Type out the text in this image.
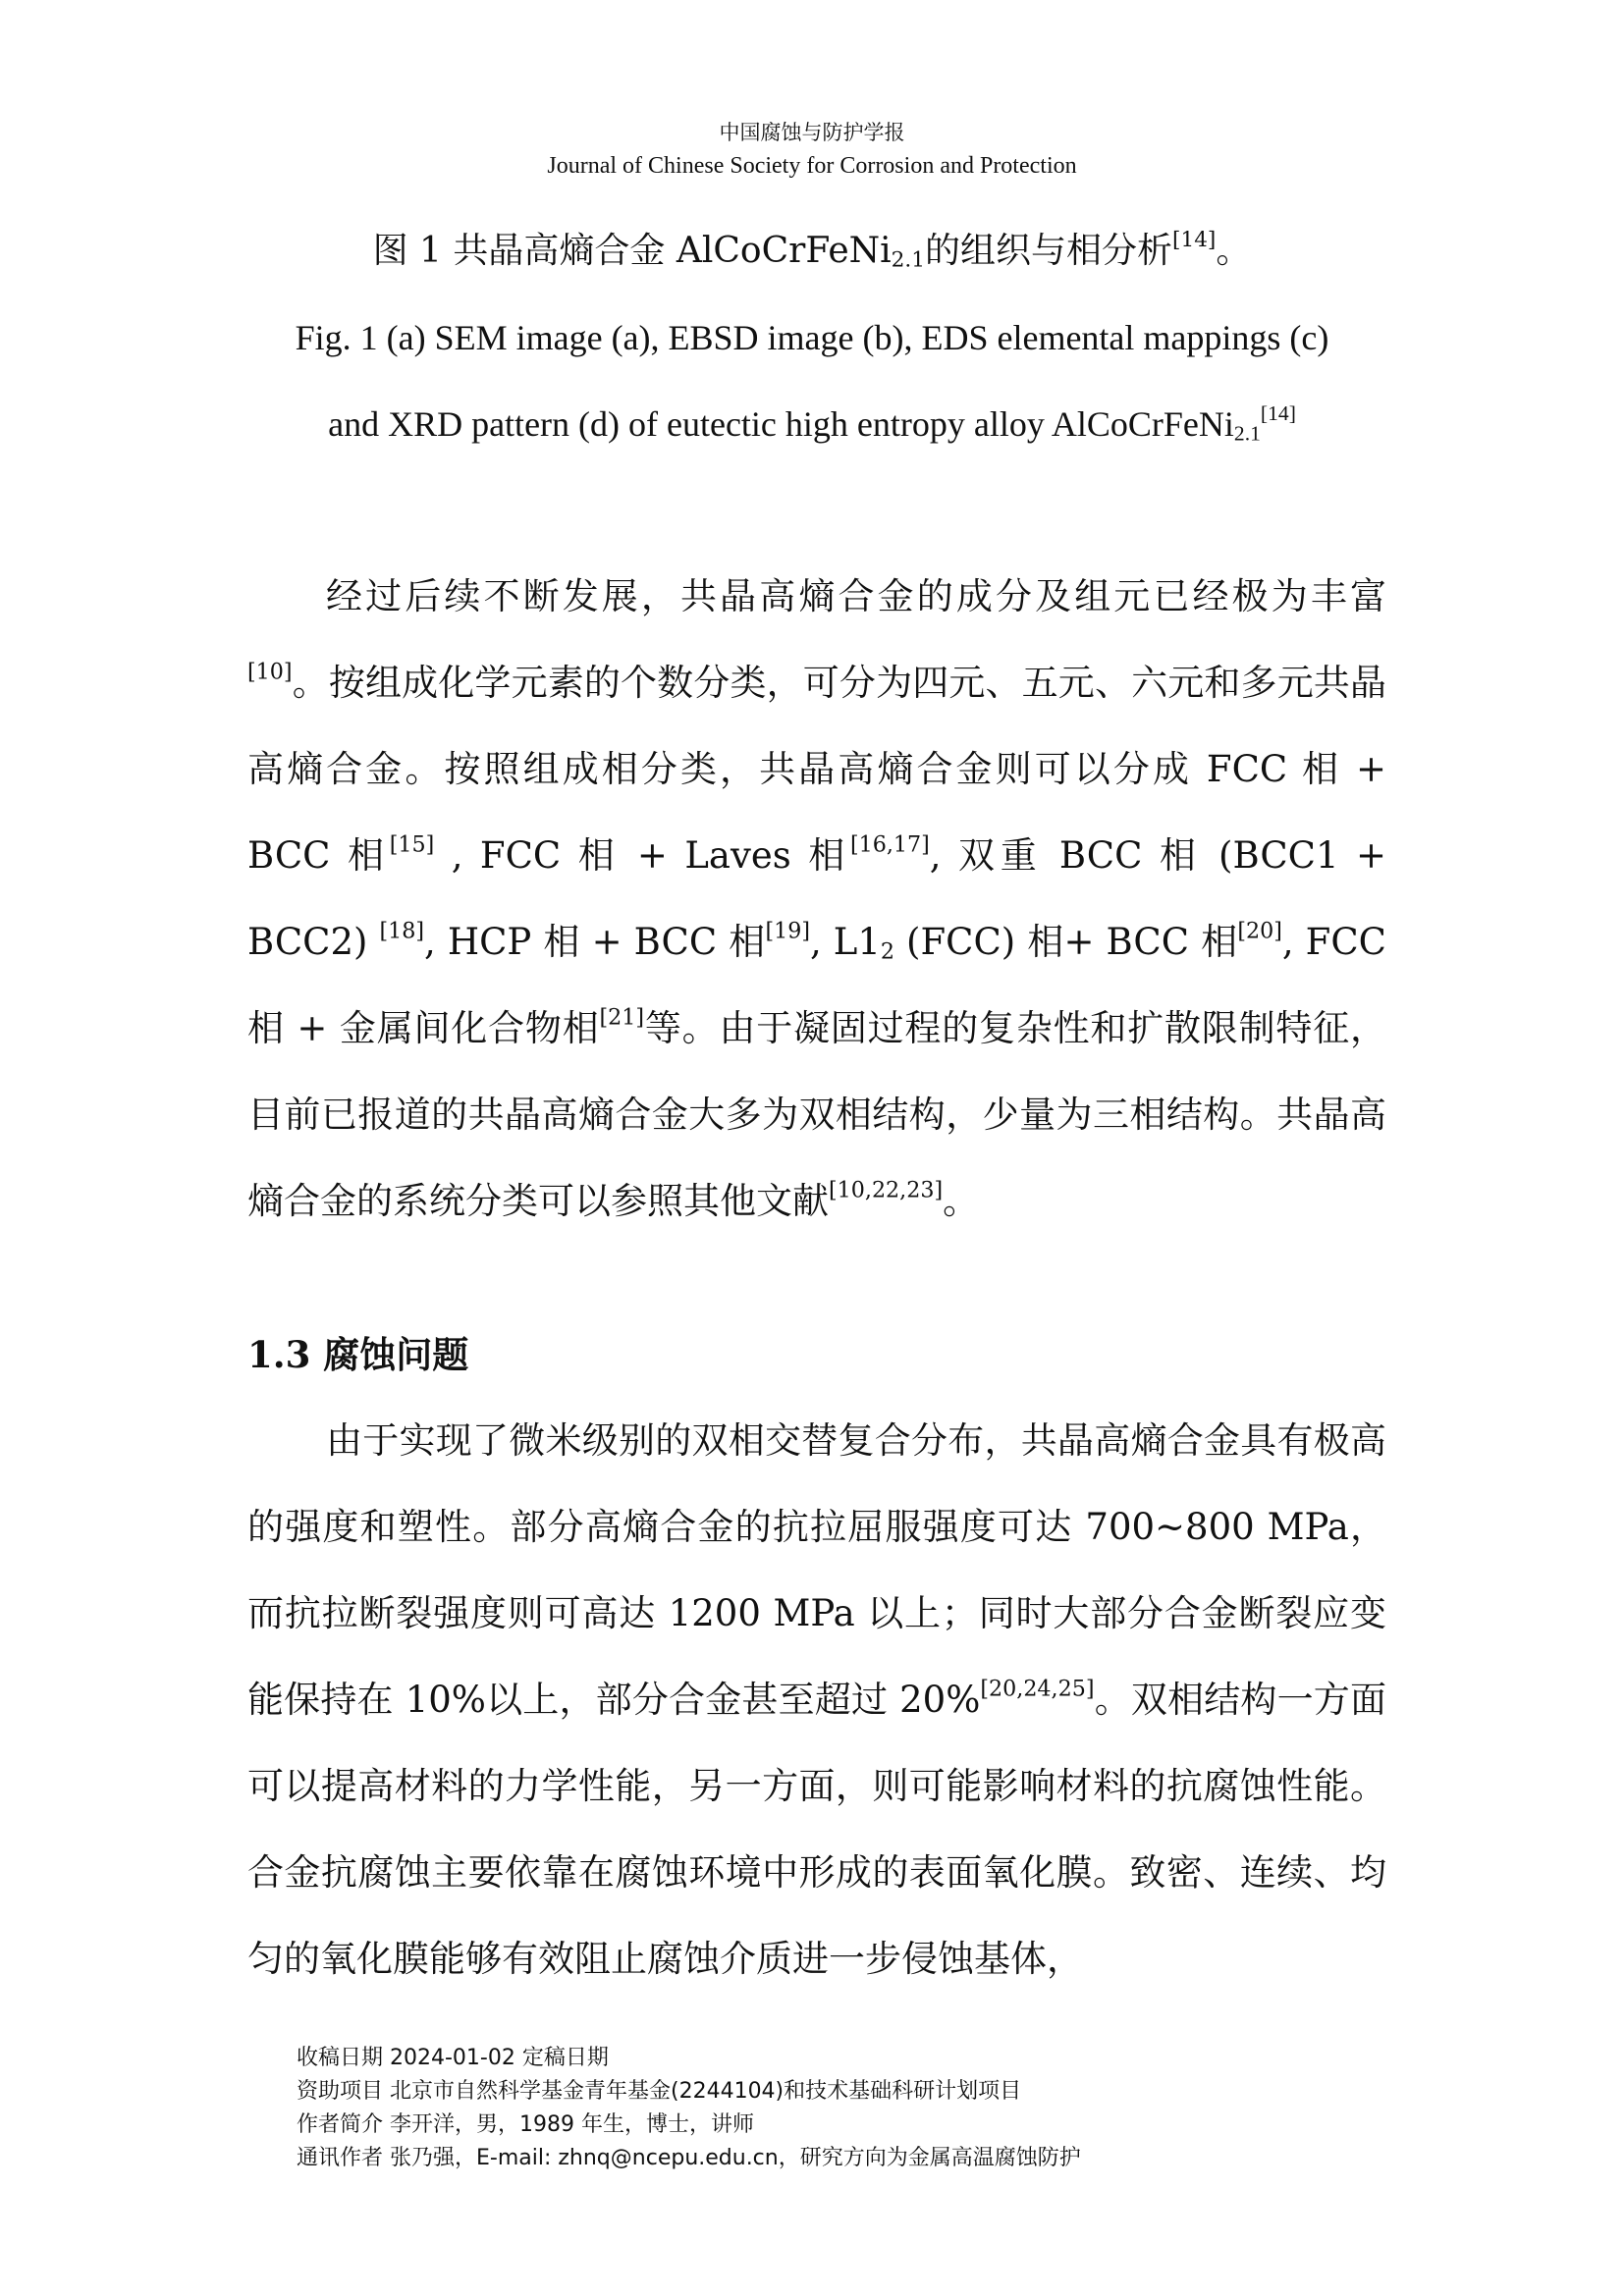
中国腐蚀与防护学报
Journal of Chinese Society for Corrosion and Protection
图 1 共晶高熵合金 AlCoCrFeNi$_{2.1}$的组织与相分析[14]。
Fig. 1 (a) SEM image (a), EBSD image (b), EDS elemental mappings (c)
and XRD pattern (d) of eutectic high entropy alloy AlCoCrFeNi$_{2.1}$[14]

经过后续不断发展，共晶高熵合金的成分及组元已经极为丰富[10]。按组成化学元素的个数分类，可分为四元、五元、六元和多元共晶高熵合金。按照组成相分类，共晶高熵合金则可以分成 FCC 相 + BCC 相[15] , FCC 相 + Laves 相[16,17], 双重 BCC 相 (BCC1 + BCC2) [18], HCP 相 + BCC 相[19], $L1_2$ (FCC) 相+ BCC 相[20], FCC 相 + 金属间化合物相[21]等。由于凝固过程的复杂性和扩散限制特征，目前已报道的共晶高熵合金大多为双相结构，少量为三相结构。共晶高熵合金的系统分类可以参照其他文献[10,22,23]。

1.3 腐蚀问题

由于实现了微米级别的双相交替复合分布，共晶高熵合金具有极高的强度和塑性。部分高熵合金的抗拉屈服强度可达 700~800 MPa，而抗拉断裂强度则可高达 1200 MPa 以上；同时大部分合金断裂应变能保持在 10%以上，部分合金甚至超过 20%[20,24,25]。双相结构一方面可以提高材料的力学性能，另一方面，则可能影响材料的抗腐蚀性能。合金抗腐蚀主要依靠在腐蚀环境中形成的表面氧化膜。致密、连续、均匀的氧化膜能够有效阻止腐蚀介质进一步侵蚀基体，

收稿日期 2024-01-02 定稿日期
资助项目 北京市自然科学基金青年基金(2244104)和技术基础科研计划项目
作者简介 李开洋，男，1989 年生，博士，讲师
通讯作者 张乃强，E-mail: zhnq@ncepu.edu.cn，研究方向为金属高温腐蚀防护
